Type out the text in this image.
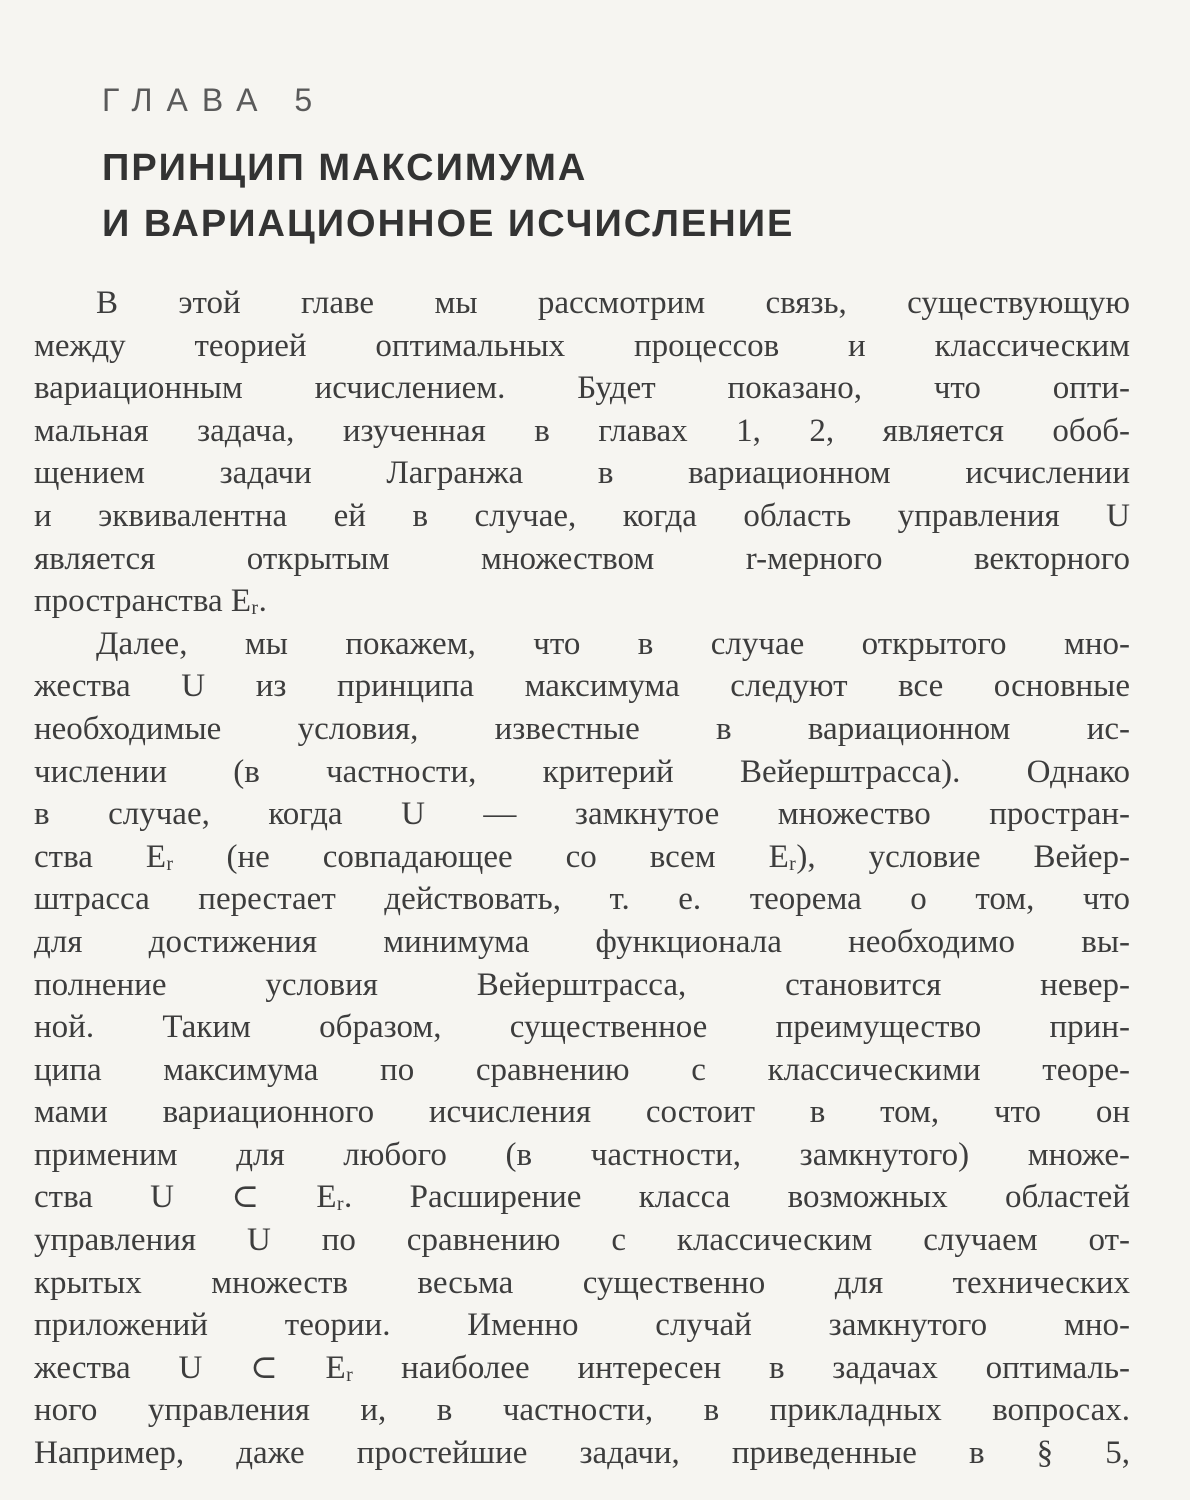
ГЛАВА 5
ПРИНЦИП МАКСИМУМА
И ВАРИАЦИОННОЕ ИСЧИСЛЕНИЕ
В этой главе мы рассмотрим связь, существующую
между теорией оптимальных процессов и классическим
вариационным исчислением. Будет показано, что опти-
мальная задача, изученная в главах 1, 2, является обоб-
щением задачи Лагранжа в вариационном исчислении
и эквивалентна ей в случае, когда область управления U
является открытым множеством r-мерного векторного
пространства Eᵣ.
Далее, мы покажем, что в случае открытого мно-
жества U из принципа максимума следуют все основные
необходимые условия, известные в вариационном ис-
числении (в частности, критерий Вейерштрасса). Однако
в случае, когда U — замкнутое множество простран-
ства Eᵣ (не совпадающее со всем Eᵣ), условие Вейер-
штрасса перестает действовать, т. е. теорема о том, что
для достижения минимума функционала необходимо вы-
полнение условия Вейерштрасса, становится невер-
ной. Таким образом, существенное преимущество прин-
ципа максимума по сравнению с классическими теоре-
мами вариационного исчисления состоит в том, что он
применим для любого (в частности, замкнутого) множе-
ства U ⊂ Eᵣ. Расширение класса возможных областей
управления U по сравнению с классическим случаем от-
крытых множеств весьма существенно для технических
приложений теории. Именно случай замкнутого мно-
жества U ⊂ Eᵣ наиболее интересен в задачах оптималь-
ного управления и, в частности, в прикладных вопросах.
Например, даже простейшие задачи, приведенные в § 5,
